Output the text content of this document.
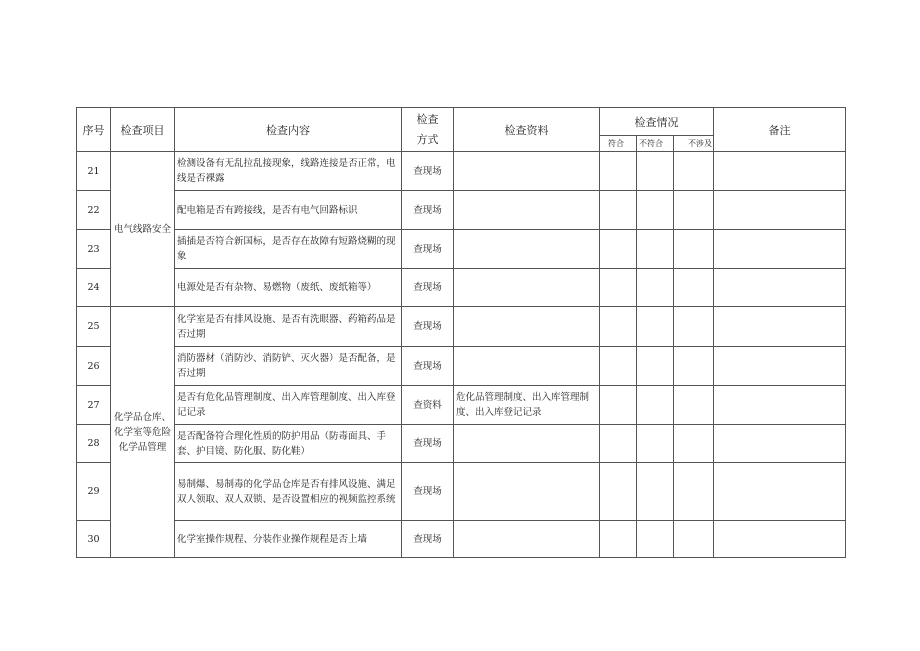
序号	检查项目	检查内容	检查
方式	检查资料	检查情况			备注
					符合	不符合	不涉及	
21	电气线路安全	检测设备有无乱拉乱接现象，线路连接是否正常，电线是否裸露	查现场					
22		配电箱是否有跨接线，是否有电气回路标识	查现场					
23		插插是否符合新国标，是否存在故障有短路烧糊的现象	查现场					
24		电源处是否有杂物、易燃物（废纸、废纸箱等）	查现场					
25	化学品仓库、化学室等危险化学品管理	化学室是否有排风设施、是否有洗眼器、药箱药品是否过期	查现场					
26		消防器材（消防沙、消防铲、灭火器）是否配备，是否过期	查现场					
27		是否有危化品管理制度、出入库管理制度、出入库登记记录	查资料	危化品管理制度、出入库管理制度、出入库登记记录				
28		是否配备符合理化性质的防护用品（防毒面具、手套、护目镜、防化服、防化鞋）	查现场					
29		易制爆、易制毒的化学品仓库是否有排风设施、满足双人领取、双人双锁、是否设置相应的视频监控系统	查现场					
30		化学室操作规程、分装作业操作规程是否上墙	查现场					
